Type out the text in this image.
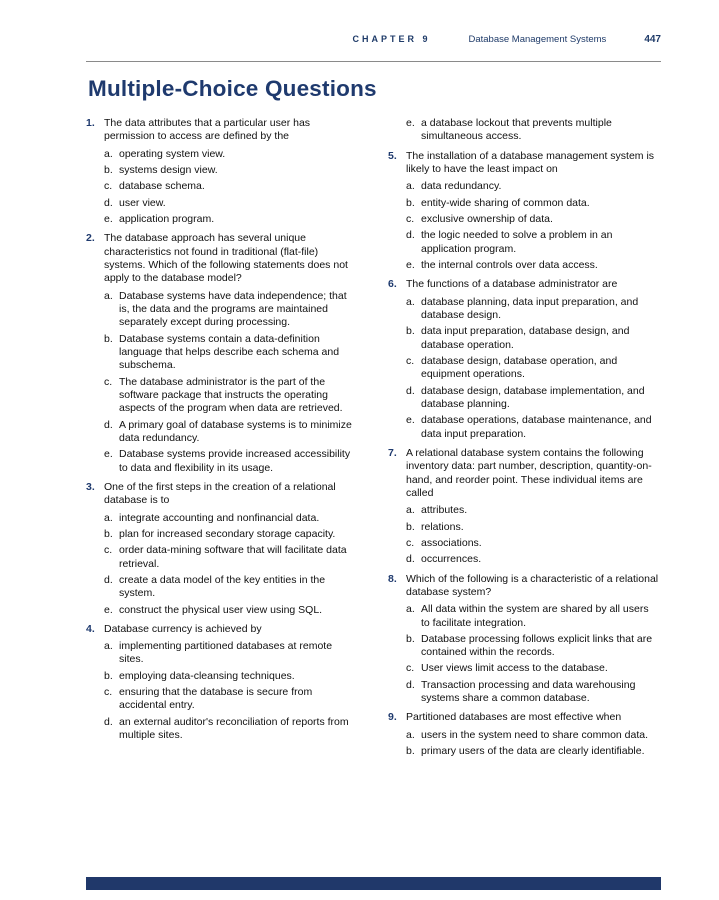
CHAPTER 9	Database Management Systems	447
Multiple-Choice Questions
1. The data attributes that a particular user has permission to access are defined by the
a. operating system view.
b. systems design view.
c. database schema.
d. user view.
e. application program.
2. The database approach has several unique characteristics not found in traditional (flat-file) systems. Which of the following statements does not apply to the database model?
a. Database systems have data independence; that is, the data and the programs are maintained separately except during processing.
b. Database systems contain a data-definition language that helps describe each schema and subschema.
c. The database administrator is the part of the software package that instructs the operating aspects of the program when data are retrieved.
d. A primary goal of database systems is to minimize data redundancy.
e. Database systems provide increased accessibility to data and flexibility in its usage.
3. One of the first steps in the creation of a relational database is to
a. integrate accounting and nonfinancial data.
b. plan for increased secondary storage capacity.
c. order data-mining software that will facilitate data retrieval.
d. create a data model of the key entities in the system.
e. construct the physical user view using SQL.
4. Database currency is achieved by
a. implementing partitioned databases at remote sites.
b. employing data-cleansing techniques.
c. ensuring that the database is secure from accidental entry.
d. an external auditor's reconciliation of reports from multiple sites.
e. a database lockout that prevents multiple simultaneous access.
5. The installation of a database management system is likely to have the least impact on
a. data redundancy.
b. entity-wide sharing of common data.
c. exclusive ownership of data.
d. the logic needed to solve a problem in an application program.
e. the internal controls over data access.
6. The functions of a database administrator are
a. database planning, data input preparation, and database design.
b. data input preparation, database design, and database operation.
c. database design, database operation, and equipment operations.
d. database design, database implementation, and database planning.
e. database operations, database maintenance, and data input preparation.
7. A relational database system contains the following inventory data: part number, description, quantity-on-hand, and reorder point. These individual items are called
a. attributes.
b. relations.
c. associations.
d. occurrences.
8. Which of the following is a characteristic of a relational database system?
a. All data within the system are shared by all users to facilitate integration.
b. Database processing follows explicit links that are contained within the records.
c. User views limit access to the database.
d. Transaction processing and data warehousing systems share a common database.
9. Partitioned databases are most effective when
a. users in the system need to share common data.
b. primary users of the data are clearly identifiable.
